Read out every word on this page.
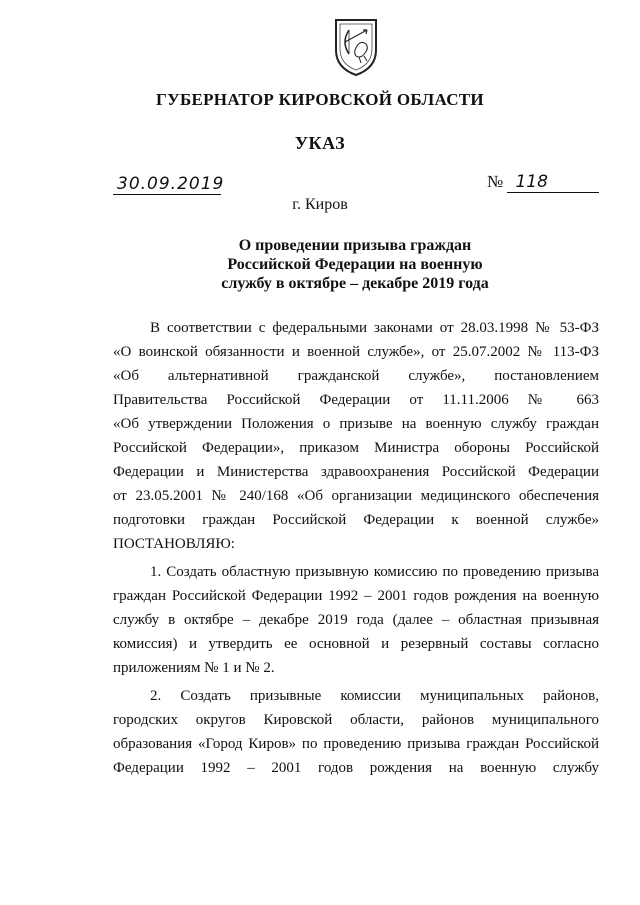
ГУБЕРНАТОР КИРОВСКОЙ ОБЛАСТИ
УКАЗ
30.09.2019	№ 118
г. Киров
О проведении призыва граждан
Российской Федерации на военную
службу в октябре – декабре 2019 года

В соответствии с федеральными законами от 28.03.1998 № 53-ФЗ

«О воинской обязанности и военной службе», от 25.07.2002 № 113-ФЗ

«Об альтернативной гражданской службе», постановлением

Правительства Российской Федерации от 11.11.2006 № 663

«Об утверждении Положения о призыве на военную службу граждан

Российской Федерации», приказом Министра обороны Российской

Федерации и Министерства здравоохранения Российской Федерации

от 23.05.2001 № 240/168 «Об организации медицинского обеспечения

подготовки граждан Российской Федерации к военной службе»

ПОСТАНОВЛЯЮ:

1. Создать областную призывную комиссию по проведению призыва

граждан Российской Федерации 1992 – 2001 годов рождения на военную

службу в октябре – декабре 2019 года (далее – областная призывная

комиссия) и утвердить ее основной и резервный составы согласно

приложениям № 1 и № 2.

2. Создать призывные комиссии муниципальных районов,

городских округов Кировской области, районов муниципального

образования «Город Киров» по проведению призыва граждан Российской

Федерации 1992 – 2001 годов рождения на военную службу
